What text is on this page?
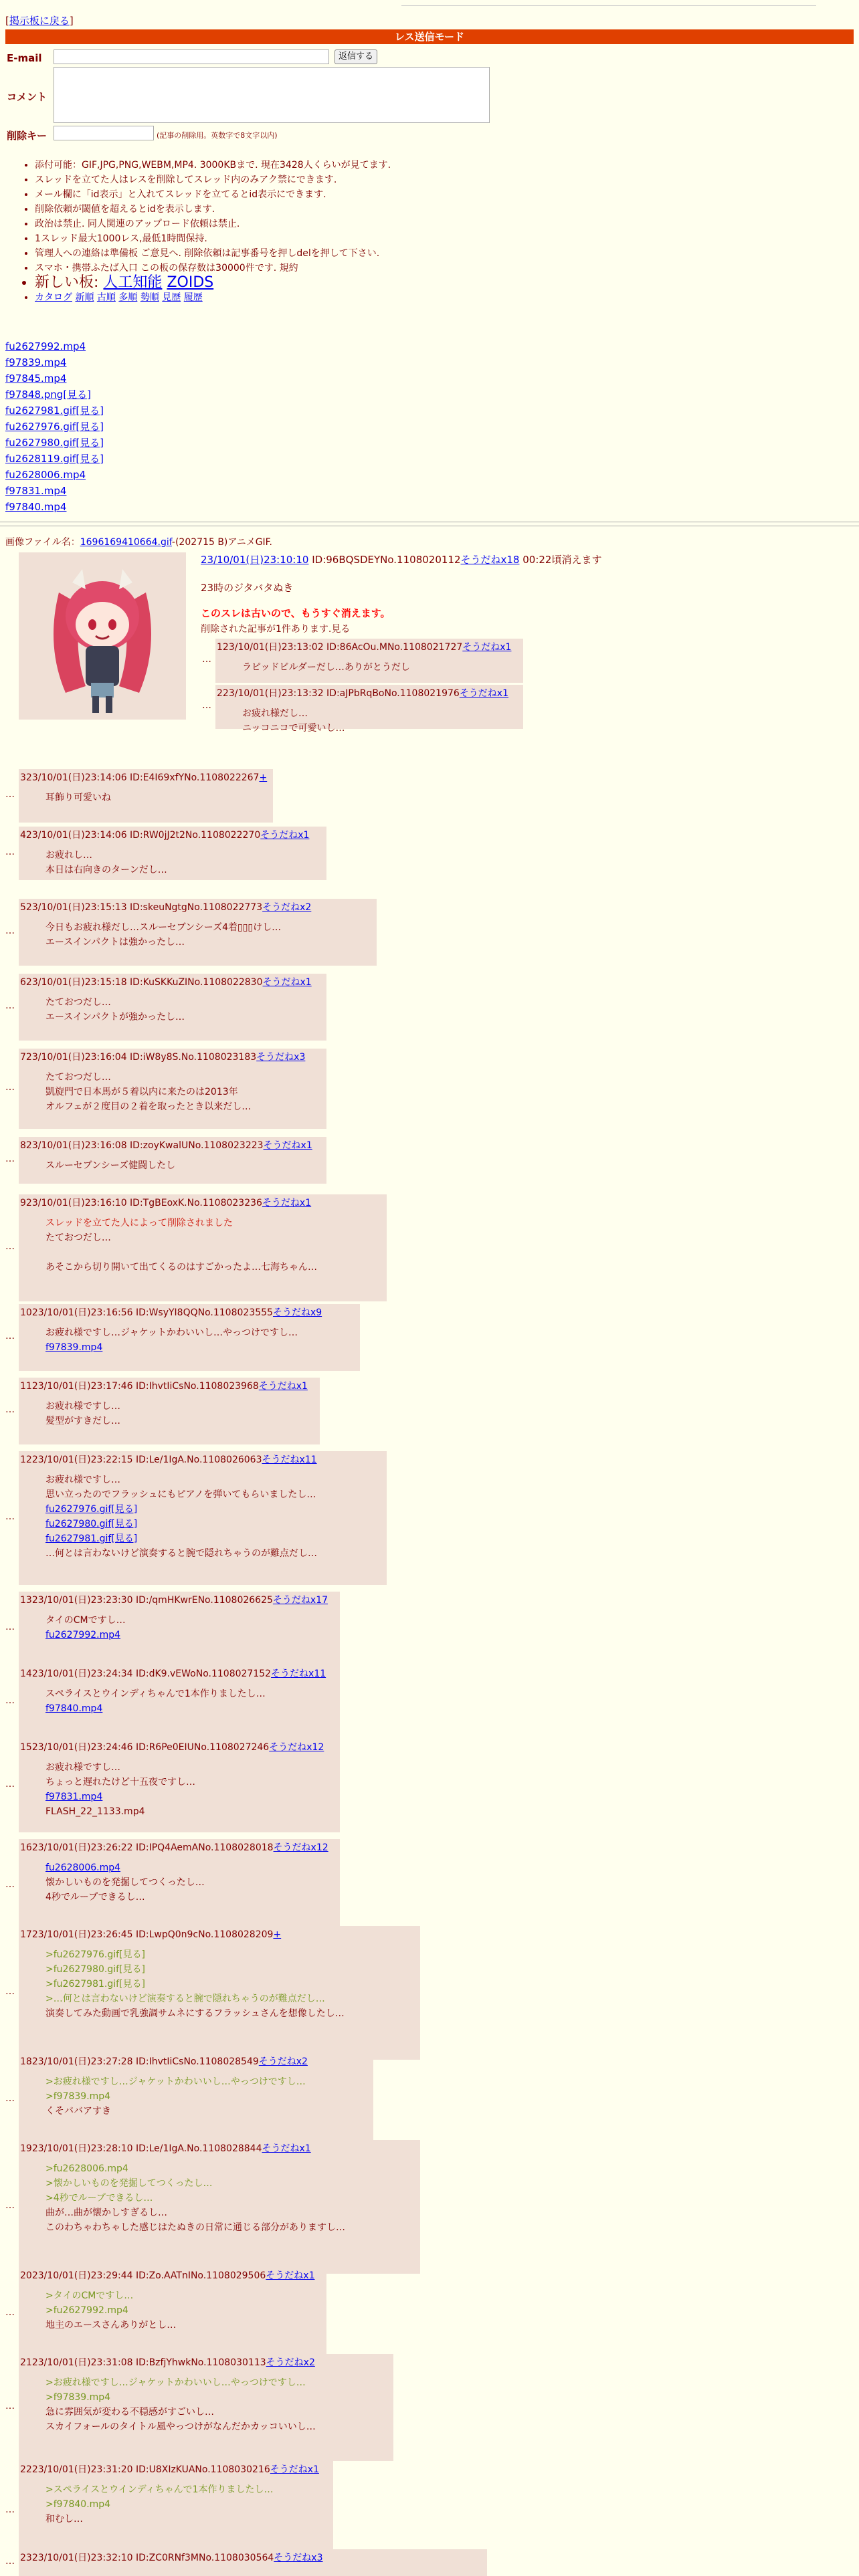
[掲示板に戻る]
レス送信モード
E-mail	返信する
コメント
削除キー	(記事の削除用。英数字で8文字以内)
• 添付可能：GIF,JPG,PNG,WEBM,MP4. 3000KBまで. 現在3428人くらいが見てます.
• スレッドを立てた人はレスを削除してスレッド内のみアク禁にできます.
• メール欄に「id表示」と入れてスレッドを立てるとid表示にできます.
• 削除依頼が閾値を超えるとidを表示します.
• 政治は禁止. 同人関連のアップロード依頼は禁止.
• 1スレッド最大1000レス,最低1時間保持.
• 管理人への連絡は準備板 ご意見へ. 削除依頼は記事番号を押しdelを押して下さい.
• スマホ・携帯ふたば入口 この板の保存数は30000件です. 規約
• 新しい板: 人工知能 ZOIDS
• カタログ 新順 古順 多順 勢順 見歴 履歴
fu2627992.mp4
f97839.mp4
f97845.mp4
f97848.png[見る]
fu2627981.gif[見る]
fu2627976.gif[見る]
fu2627980.gif[見る]
fu2628119.gif[見る]
fu2628006.mp4
f97831.mp4
f97840.mp4
画像ファイル名：1696169410664.gif-(202715 B)アニメGIF.
23/10/01(日)23:10:10 ID:96BQSDEYNo.1108020112そうだねx18 00:22頃消えます
23時のジタバタぬき
このスレは古いので、もうすぐ消えます。
削除された記事が1件あります.見る
123/10/01(日)23:13:02 ID:86AcOu.MNo.1108021727そうだねx1
ラピッドビルダーだし…ありがとうだし
…
223/10/01(日)23:13:32 ID:aJPbRqBoNo.1108021976そうだねx1
お疲れ様だし…
ニッコニコで可愛いし…
…
323/10/01(日)23:14:06 ID:E4I69xfYNo.1108022267+
耳飾り可愛いね
…
423/10/01(日)23:14:06 ID:RW0jJ2t2No.1108022270そうだねx1
お疲れし…
本日は右向きのターンだし…
…
523/10/01(日)23:15:13 ID:skeuNgtgNo.1108022773そうだねx2
今日もお疲れ様だし…スルーセブンシーズ4着▯▯▯けし…
エースインパクトは強かったし…
…
623/10/01(日)23:15:18 ID:KuSKKuZINo.1108022830そうだねx1
たておつだし…
エースインパクトが強かったし…
…
723/10/01(日)23:16:04 ID:iW8y8S.No.1108023183そうだねx3
たておつだし…
凱旋門で日本馬が５着以内に来たのは2013年
オルフェが２度目の２着を取ったとき以来だし…
…
823/10/01(日)23:16:08 ID:zoyKwalUNo.1108023223そうだねx1
スルーセブンシーズ健闘したし
…
923/10/01(日)23:16:10 ID:TgBEoxK.No.1108023236そうだねx1
スレッドを立てた人によって削除されました
たておつだし…

あそこから切り開いて出てくるのはすごかったよ…七海ちゃん…
…
1023/10/01(日)23:16:56 ID:WsyYI8QQNo.1108023555そうだねx9
お疲れ様ですし…ジャケットかわいいし…やっつけですし…
f97839.mp4
…
1123/10/01(日)23:17:46 ID:IhvtIiCsNo.1108023968そうだねx1
お疲れ様ですし…
髪型がすきだし…
…
1223/10/01(日)23:22:15 ID:Le/1IgA.No.1108026063そうだねx11
お疲れ様ですし…
思い立ったのでフラッシュにもピアノを弾いてもらいましたし…
fu2627976.gif[見る]
fu2627980.gif[見る]
fu2627981.gif[見る]
…何とは言わないけど演奏すると腕で隠れちゃうのが難点だし…
…
1323/10/01(日)23:23:30 ID:/qmHKwrENo.1108026625そうだねx17
タイのCMですし…
fu2627992.mp4
…
1423/10/01(日)23:24:34 ID:dK9.vEWoNo.1108027152そうだねx11
スペライスとウインディちゃんで1本作りましたし…
f97840.mp4
…
1523/10/01(日)23:24:46 ID:R6Pe0EIUNo.1108027246そうだねx12
お疲れ様ですし…
ちょっと遅れたけど十五夜ですし…
f97831.mp4
FLASH_22_1133.mp4
…
1623/10/01(日)23:26:22 ID:IPQ4AemANo.1108028018そうだねx12
fu2628006.mp4
懐かしいものを発掘してつくったし…
4秒でループできるし…
…
1723/10/01(日)23:26:45 ID:LwpQ0n9cNo.1108028209+
>fu2627976.gif[見る]
>fu2627980.gif[見る]
>fu2627981.gif[見る]
>…何とは言わないけど演奏すると腕で隠れちゃうのが難点だし…
演奏してみた動画で乳強調サムネにするフラッシュさんを想像したし…
…
1823/10/01(日)23:27:28 ID:IhvtIiCsNo.1108028549そうだねx2
>お疲れ様ですし…ジャケットかわいいし…やっつけですし…
>f97839.mp4
くそババアすき
…
1923/10/01(日)23:28:10 ID:Le/1IgA.No.1108028844そうだねx1
>fu2628006.mp4
>懐かしいものを発掘してつくったし…
>4秒でループできるし…
曲が…曲が懐かしすぎるし…
このわちゃわちゃした感じはたぬきの日常に通じる部分がありますし…
…
2023/10/01(日)23:29:44 ID:Zo.AATnINo.1108029506そうだねx1
>タイのCMですし…
>fu2627992.mp4
地主のエースさんありがとし…
…
2123/10/01(日)23:31:08 ID:BzfjYhwkNo.1108030113そうだねx2
>お疲れ様ですし…ジャケットかわいいし…やっつけですし…
>f97839.mp4
急に雰囲気が変わる不穏感がすごいし…
スカイフォールのタイトル風やっつけがなんだかカッコいいし…
…
2223/10/01(日)23:31:20 ID:U8XIzKUANo.1108030216そうだねx1
>スペライスとウインディちゃんで1本作りましたし…
>f97840.mp4
和むし…
…
2323/10/01(日)23:32:10 ID:ZC0RNf3MNo.1108030564そうだねx3
…
